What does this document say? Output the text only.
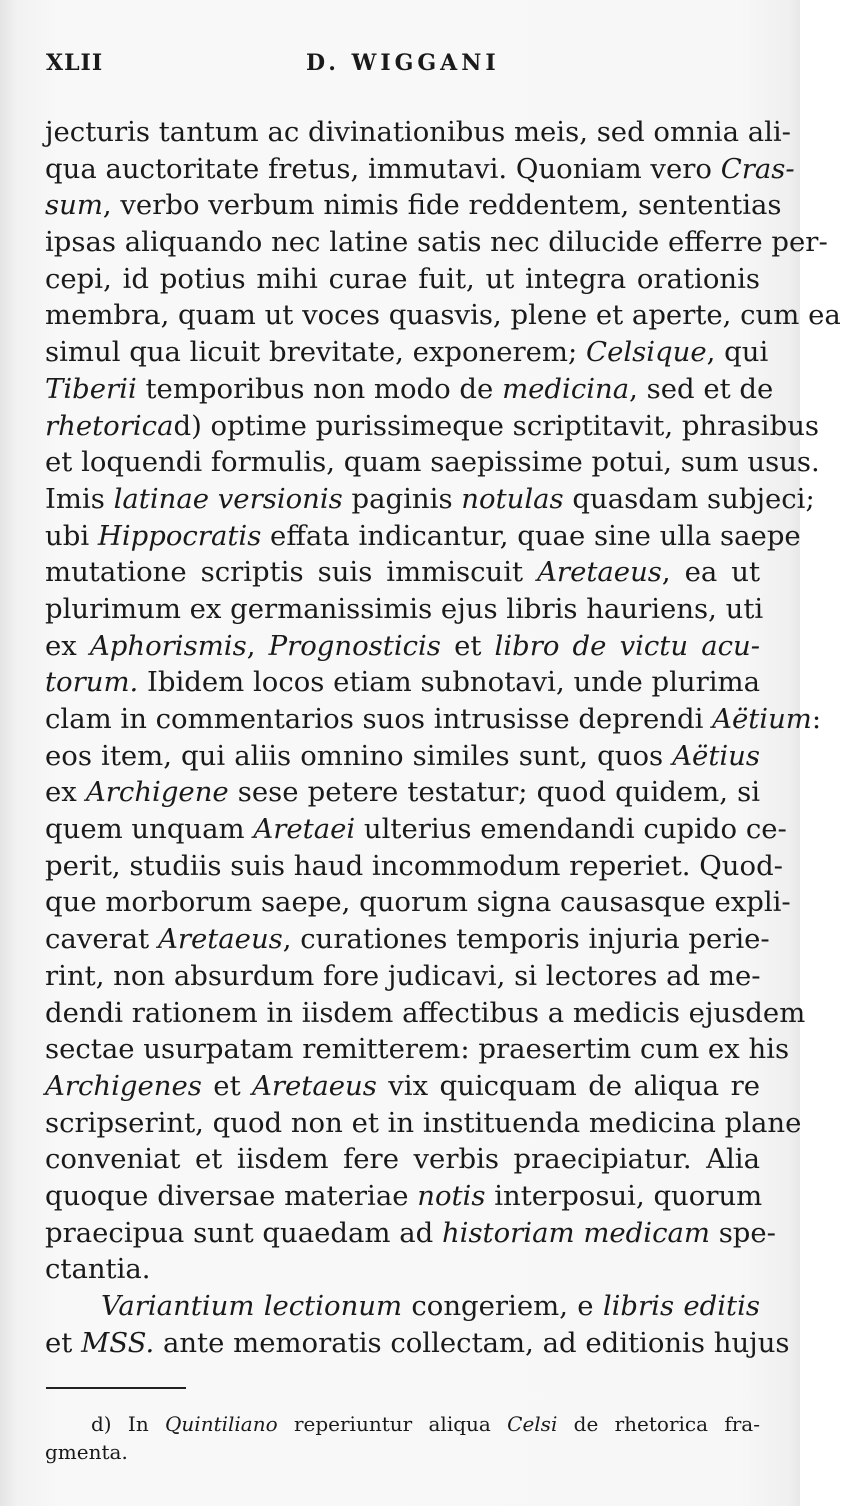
XLII	D. WIGGANI
jecturis tantum ac divinationibus meis, sed omnia ali-
qua auctoritate fretus, immutavi. Quoniam vero Cras-
sum, verbo verbum nimis fide reddentem, sententias
ipsas aliquando nec latine satis nec dilucide efferre per-
cepi, id potius mihi curae fuit, ut integra orationis
membra, quam ut voces quasvis, plene et aperte, cum ea
simul qua licuit brevitate, exponerem; Celsique, qui
Tiberii temporibus non modo de medicina, sed et de
rhetoricad) optime purissimeque scriptitavit, phrasibus
et loquendi formulis, quam saepissime potui, sum usus.
Imis latinae versionis paginis notulas quasdam subjeci;
ubi Hippocratis effata indicantur, quae sine ulla saepe
mutatione scriptis suis immiscuit Aretaeus, ea ut
plurimum ex germanissimis ejus libris hauriens, uti
ex Aphorismis, Prognosticis et libro de victu acu-
torum. Ibidem locos etiam subnotavi, unde plurima
clam in commentarios suos intrusisse deprendi Aëtium:
eos item, qui aliis omnino similes sunt, quos Aëtius
ex Archigene sese petere testatur; quod quidem, si
quem unquam Aretaei ulterius emendandi cupido ce-
perit, studiis suis haud incommodum reperiet. Quod-
que morborum saepe, quorum signa causasque expli-
caverat Aretaeus, curationes temporis injuria perie-
rint, non absurdum fore judicavi, si lectores ad me-
dendi rationem in iisdem affectibus a medicis ejusdem
sectae usurpatam remitterem: praesertim cum ex his
Archigenes et Aretaeus vix quicquam de aliqua re
scripserint, quod non et in instituenda medicina plane
conveniat et iisdem fere verbis praecipiatur. Alia
quoque diversae materiae notis interposui, quorum
praecipua sunt quaedam ad historiam medicam spe-
ctantia.
Variantium lectionum congeriem, e libris editis
et MSS. ante memoratis collectam, ad editionis hujus
d) In Quintiliano reperiuntur aliqua Celsi de rhetorica fra-
gmenta.
